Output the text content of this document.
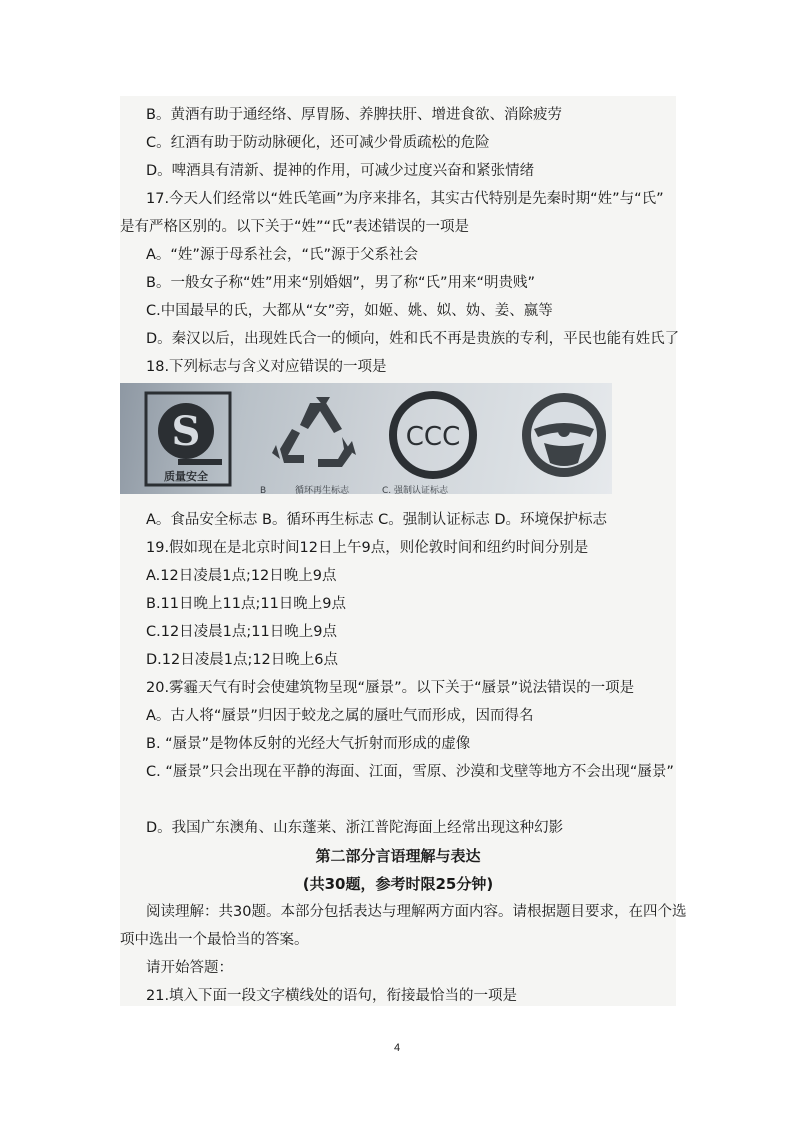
B。黄酒有助于通经络、厚胃肠、养脾扶肝、增进食欲、消除疲劳
C。红酒有助于防动脉硬化，还可减少骨质疏松的危险
D。啤酒具有清新、提神的作用，可减少过度兴奋和紧张情绪
17.今天人们经常以“姓氏笔画”为序来排名，其实古代特别是先秦时期“姓”与“氏”
是有严格区别的。以下关于“姓”“氏”表述错误的一项是
A。“姓”源于母系社会，“氏”源于父系社会
B。一般女子称“姓”用来“别婚姻”，男了称“氏”用来“明贵贱”
C.中国最早的氏，大都从“女”旁，如姬、姚、姒、妫、姜、嬴等
D。秦汉以后，出现姓氏合一的倾向，姓和氏不再是贵族的专利，平民也能有姓氏了
18.下列标志与含义对应错误的一项是
S
质量安全
CCC
B	循环再生标志	C. 强制认证标志
A。食品安全标志 B。循环再生标志 C。强制认证标志 D。环境保护标志
19.假如现在是北京时间12日上午9点，则伦敦时间和纽约时间分别是
A.12日凌晨1点;12日晚上9点
B.11日晚上11点;11日晚上9点
C.12日凌晨1点;11日晚上9点
D.12日凌晨1点;12日晚上6点
20.雾霾天气有时会使建筑物呈现“蜃景”。以下关于“蜃景”说法错误的一项是
A。古人将“蜃景”归因于蛟龙之属的蜃吐气而形成，因而得名
B. “蜃景”是物体反射的光经大气折射而形成的虚像
C. “蜃景”只会出现在平静的海面、江面，雪原、沙漠和戈壁等地方不会出现“蜃景”
D。我国广东澳角、山东蓬莱、浙江普陀海面上经常出现这种幻影
第二部分言语理解与表达
(共30题，参考时限25分钟)
阅读理解：共30题。本部分包括表达与理解两方面内容。请根据题目要求，在四个选
项中选出一个最恰当的答案。
请开始答题：
21.填入下面一段文字横线处的语句，衔接最恰当的一项是
4
